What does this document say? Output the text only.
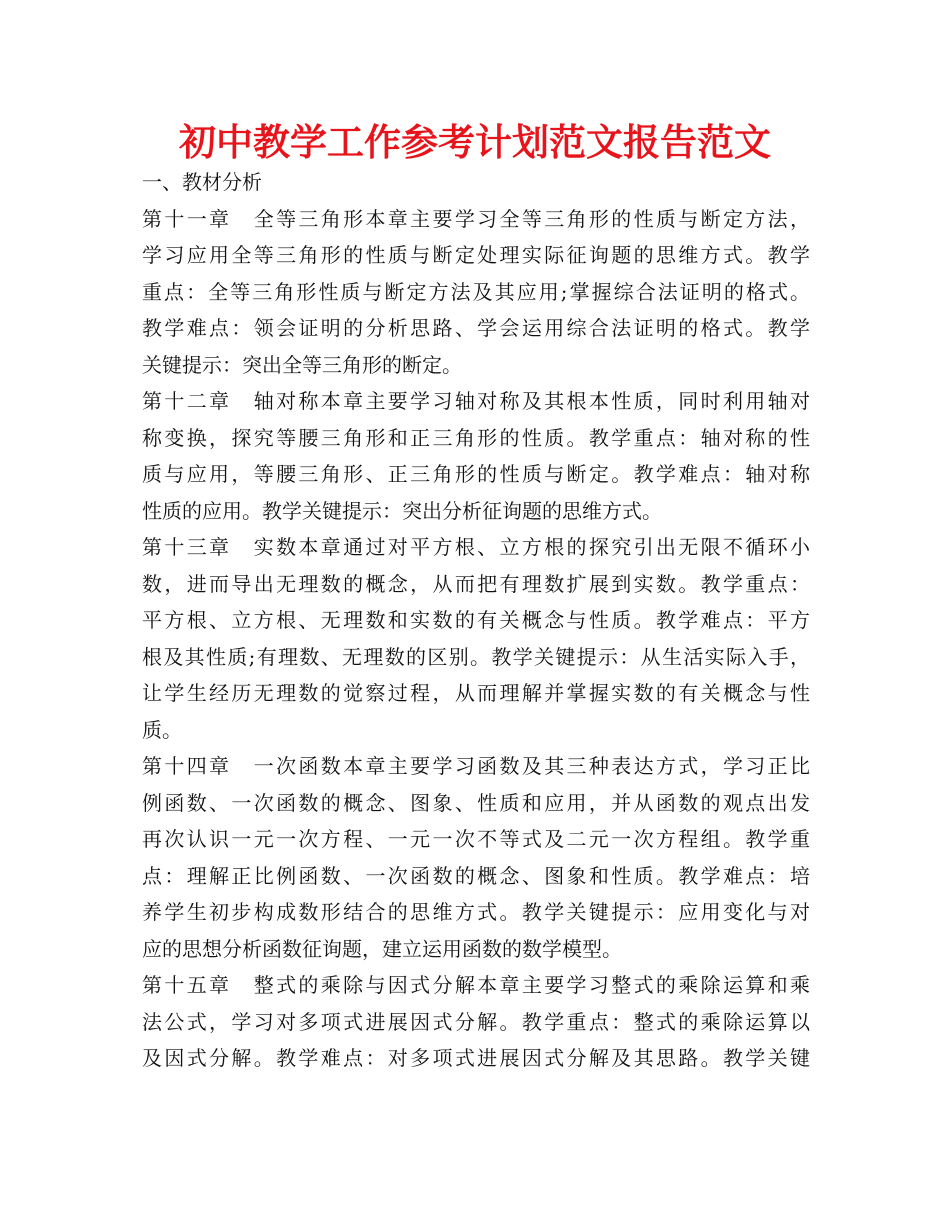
初中教学工作参考计划范文报告范文
一、教材分析
第十一章　全等三角形本章主要学习全等三角形的性质与断定方法，
学习应用全等三角形的性质与断定处理实际征询题的思维方式。教学
重点：全等三角形性质与断定方法及其应用;掌握综合法证明的格式。
教学难点：领会证明的分析思路、学会运用综合法证明的格式。教学
关键提示：突出全等三角形的断定。
第十二章　轴对称本章主要学习轴对称及其根本性质，同时利用轴对
称变换，探究等腰三角形和正三角形的性质。教学重点：轴对称的性
质与应用，等腰三角形、正三角形的性质与断定。教学难点：轴对称
性质的应用。教学关键提示：突出分析征询题的思维方式。
第十三章　实数本章通过对平方根、立方根的探究引出无限不循环小
数，进而导出无理数的概念，从而把有理数扩展到实数。教学重点：
平方根、立方根、无理数和实数的有关概念与性质。教学难点：平方
根及其性质;有理数、无理数的区别。教学关键提示：从生活实际入手，
让学生经历无理数的觉察过程，从而理解并掌握实数的有关概念与性
质。
第十四章　一次函数本章主要学习函数及其三种表达方式，学习正比
例函数、一次函数的概念、图象、性质和应用，并从函数的观点出发
再次认识一元一次方程、一元一次不等式及二元一次方程组。教学重
点：理解正比例函数、一次函数的概念、图象和性质。教学难点：培
养学生初步构成数形结合的思维方式。教学关键提示：应用变化与对
应的思想分析函数征询题，建立运用函数的数学模型。
第十五章　整式的乘除与因式分解本章主要学习整式的乘除运算和乘
法公式，学习对多项式进展因式分解。教学重点：整式的乘除运算以
及因式分解。教学难点：对多项式进展因式分解及其思路。教学关键
